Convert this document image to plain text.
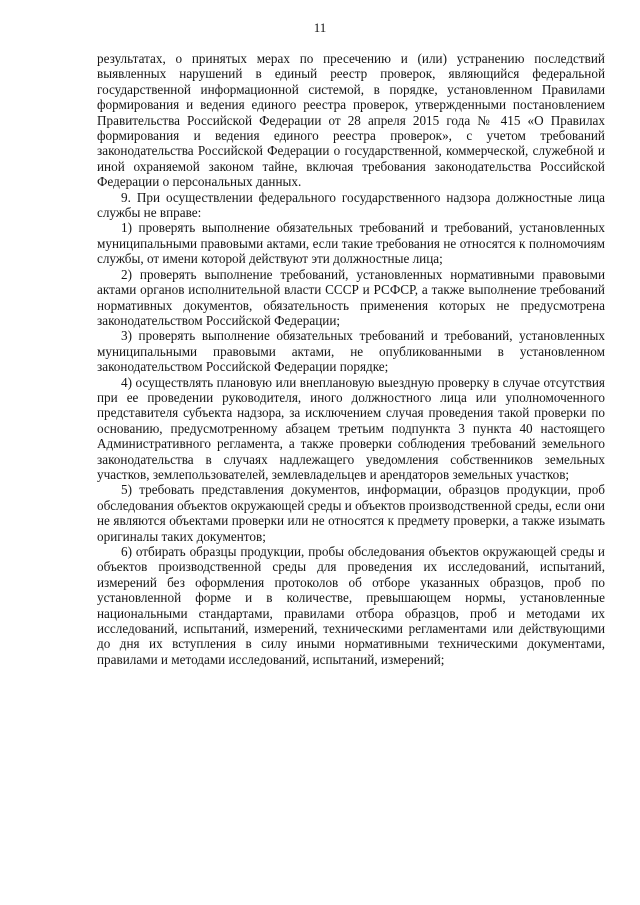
11

результатах, о принятых мерах по пресечению и (или) устранению последствий выявленных нарушений в единый реестр проверок, являющийся федеральной государственной информационной системой, в порядке, установленном Правилами формирования и ведения единого реестра проверок, утвержденными постановлением Правительства Российской Федерации от 28 апреля 2015 года № 415 «О Правилах формирования и ведения единого реестра проверок», с учетом требований законодательства Российской Федерации о государственной, коммерческой, служебной и иной охраняемой законом тайне, включая требования законодательства Российской Федерации о персональных данных.

9. При осуществлении федерального государственного надзора должностные лица службы не вправе:

1) проверять выполнение обязательных требований и требований, установленных муниципальными правовыми актами, если такие требования не относятся к полномочиям службы, от имени которой действуют эти должностные лица;

2) проверять выполнение требований, установленных нормативными правовыми актами органов исполнительной власти СССР и РСФСР, а также выполнение требований нормативных документов, обязательность применения которых не предусмотрена законодательством Российской Федерации;

3) проверять выполнение обязательных требований и требований, установленных муниципальными правовыми актами, не опубликованными в установленном законодательством Российской Федерации порядке;

4) осуществлять плановую или внеплановую выездную проверку в случае отсутствия при ее проведении руководителя, иного должностного лица или уполномоченного представителя субъекта надзора, за исключением случая проведения такой проверки по основанию, предусмотренному абзацем третьим подпункта 3 пункта 40 настоящего Административного регламента, а также проверки соблюдения требований земельного законодательства в случаях надлежащего уведомления собственников земельных участков, землепользователей, землевладельцев и арендаторов земельных участков;

5) требовать представления документов, информации, образцов продукции, проб обследования объектов окружающей среды и объектов производственной среды, если они не являются объектами проверки или не относятся к предмету проверки, а также изымать оригиналы таких документов;

6) отбирать образцы продукции, пробы обследования объектов окружающей среды и объектов производственной среды для проведения их исследований, испытаний, измерений без оформления протоколов об отборе указанных образцов, проб по установленной форме и в количестве, превышающем нормы, установленные национальными стандартами, правилами отбора образцов, проб и методами их исследований, испытаний, измерений, техническими регламентами или действующими до дня их вступления в силу иными нормативными техническими документами, правилами и методами исследований, испытаний, измерений;
